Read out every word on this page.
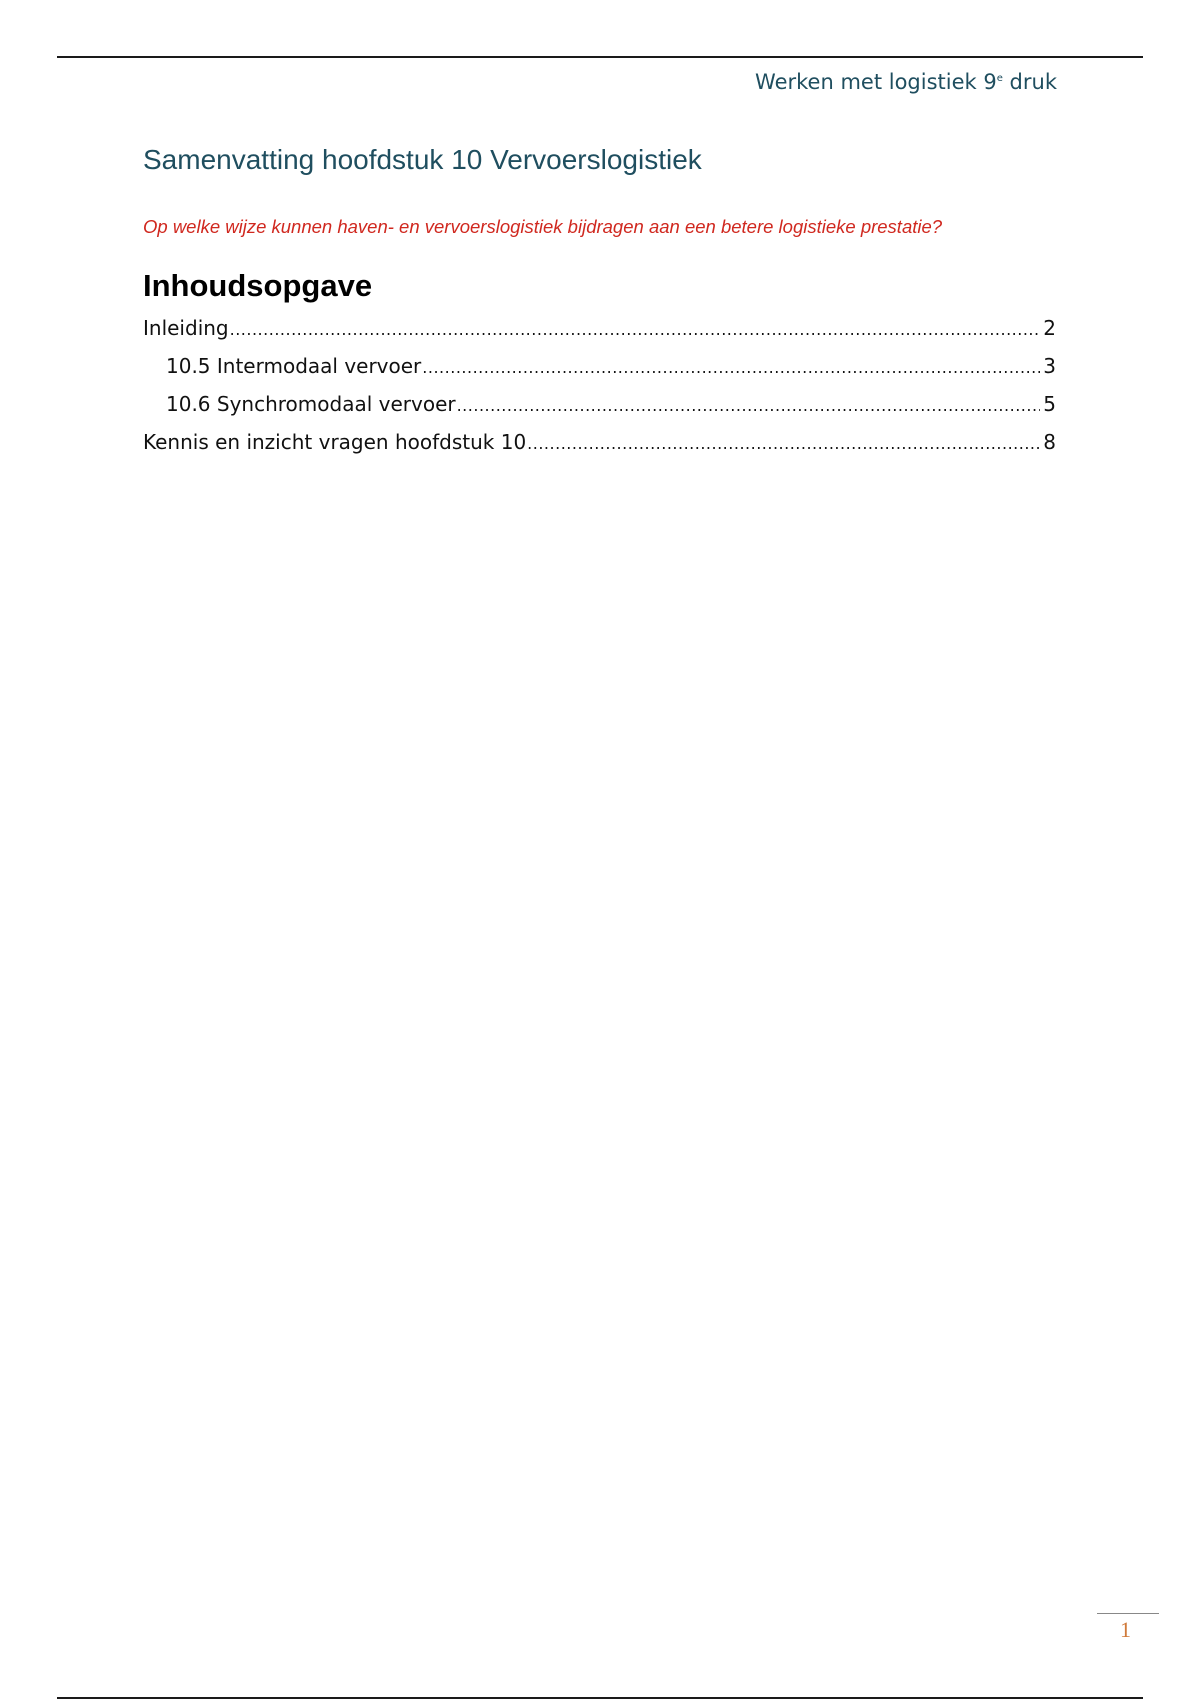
Werken met logistiek 9e druk
Samenvatting hoofdstuk 10 Vervoerslogistiek
Op welke wijze kunnen haven- en vervoerslogistiek bijdragen aan een betere logistieke prestatie?
Inhoudsopgave
Inleiding .....	2
10.5 Intermodaal vervoer .....	3
10.6 Synchromodaal vervoer .....	5
Kennis en inzicht vragen hoofdstuk 10 .....	8
1
